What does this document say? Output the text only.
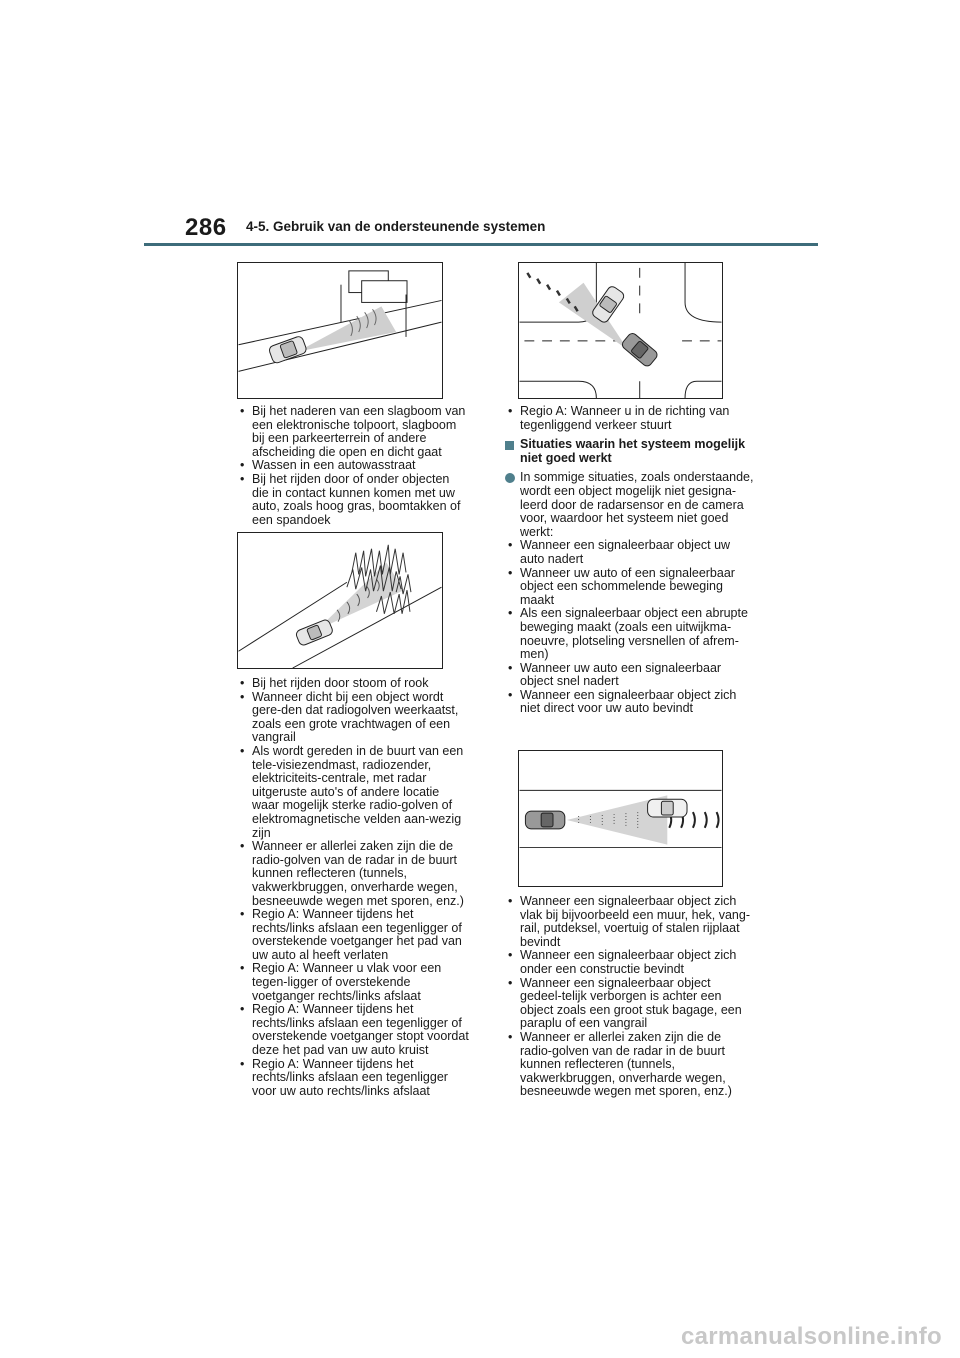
286 4-5. Gebruik van de ondersteunende systemen
• Bij het naderen van een slagboom van een elektronische tolpoort, slagboom bij een parkeerterrein of andere afscheiding die open en dicht gaat
• Wassen in een autowasstraat
• Bij het rijden door of onder objecten die in contact kunnen komen met uw auto, zoals hoog gras, boomtakken of een spandoek
• Bij het rijden door stoom of rook
• Wanneer dicht bij een object wordt gere-den dat radiogolven weerkaatst, zoals een grote vrachtwagen of een vangrail
• Als wordt gereden in de buurt van een tele-visiezendmast, radiozender, elektriciteits-centrale, met radar uitgeruste auto's of andere locatie waar mogelijk sterke radio-golven of elektromagnetische velden aan-wezig zijn
• Wanneer er allerlei zaken zijn die de radio-golven van de radar in de buurt kunnen reflecteren (tunnels, vakwerkbruggen, onverharde wegen, besneeuwde wegen met sporen, enz.)
• Regio A: Wanneer tijdens het rechts/links afslaan een tegenligger of overstekende voetganger het pad van uw auto al heeft verlaten
• Regio A: Wanneer u vlak voor een tegen-ligger of overstekende voetganger rechts/links afslaat
• Regio A: Wanneer tijdens het rechts/links afslaan een tegenligger of overstekende voetganger stopt voordat deze het pad van uw auto kruist
• Regio A: Wanneer tijdens het rechts/links afslaan een tegenligger voor uw auto rechts/links afslaat
• Regio A: Wanneer u in de richting van tegenliggend verkeer stuurt
Situaties waarin het systeem mogelijk niet goed werkt
In sommige situaties, zoals onderstaande, wordt een object mogelijk niet gesigna-leerd door de radarsensor en de camera voor, waardoor het systeem niet goed werkt:
• Wanneer een signaleerbaar object uw auto nadert
• Wanneer uw auto of een signaleerbaar object een schommelende beweging maakt
• Als een signaleerbaar object een abrupte beweging maakt (zoals een uitwijkma-noeuvre, plotseling versnellen of afrem-men)
• Wanneer uw auto een signaleerbaar object snel nadert
• Wanneer een signaleerbaar object zich niet direct voor uw auto bevindt
• Wanneer een signaleerbaar object zich vlak bij bijvoorbeeld een muur, hek, vang-rail, putdeksel, voertuig of stalen rijplaat bevindt
• Wanneer een signaleerbaar object zich onder een constructie bevindt
• Wanneer een signaleerbaar object gedeel-telijk verborgen is achter een object zoals een groot stuk bagage, een paraplu of een vangrail
• Wanneer er allerlei zaken zijn die de radio-golven van de radar in de buurt kunnen reflecteren (tunnels, vakwerkbruggen, onverharde wegen, besneeuwde wegen met sporen, enz.)
carmanualsonline.info
